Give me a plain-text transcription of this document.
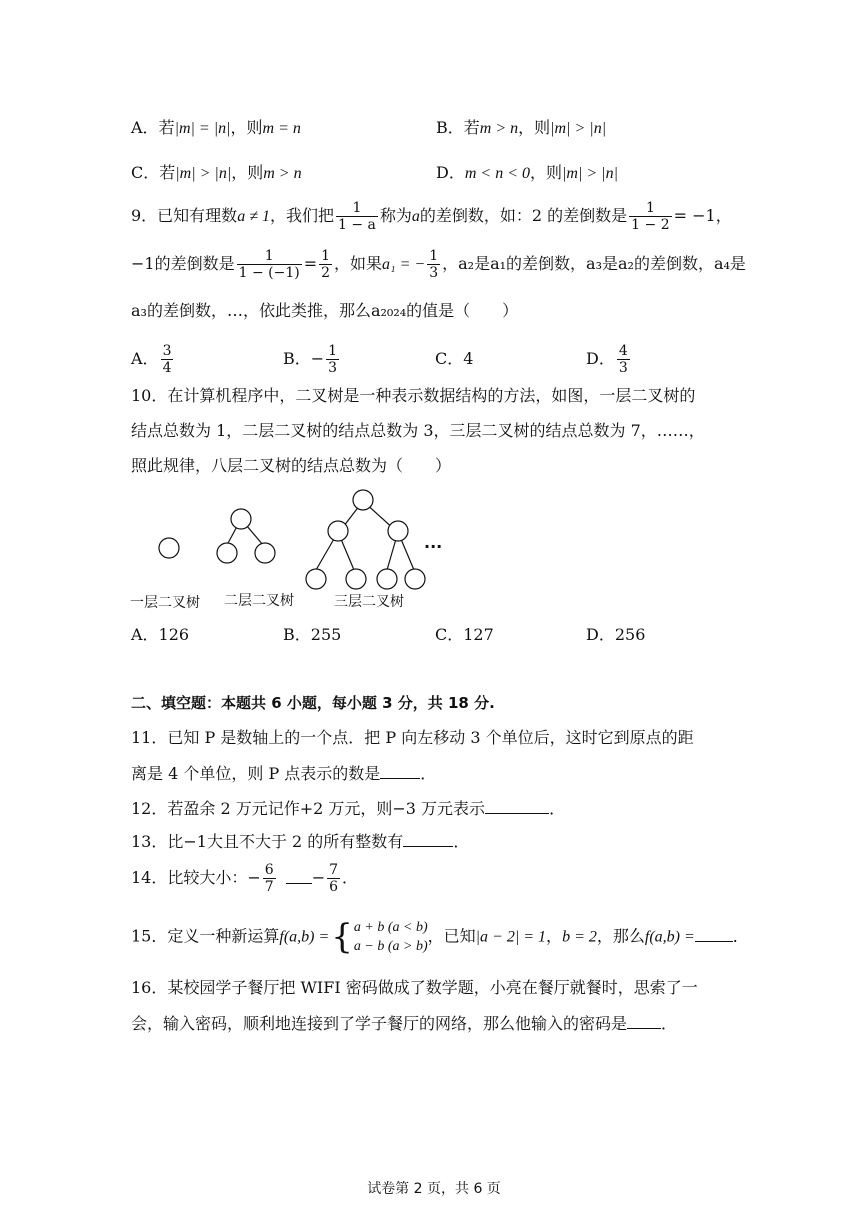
A．若|m| = |n|，则m = n	B．若m > n，则|m| > |n|
C．若|m| > |n|，则m > n	D．m < n < 0，则|m| > |n|
9．已知有理数a ≠ 1，我们把 $\frac{1}{1 - a}$ 称为a的差倒数，如：2 的差倒数是 $\frac{1}{1 - 2} = -1$，
−1的差倒数是 $\frac{1}{1 - (-1)} = \frac{1}{2}$ ，如果a₁ = − $\frac{1}{3}$ ，a₂是a₁的差倒数，a₃是a₂的差倒数，a₄是
a₃的差倒数，…，依此类推，那么a₂₀₂₄的值是（　　）
A． $\frac{3}{4}$	B．− $\frac{1}{3}$	C．4	D． $\frac{4}{3}$
10．在计算机程序中，二叉树是一种表示数据结构的方法，如图，一层二叉树的
结点总数为 1，二层二叉树的结点总数为 3，三层二叉树的结点总数为 7，……，
照此规律，八层二叉树的结点总数为（　　）
···
一层二叉树 二层二叉树	三层二叉树
A．126	B．255	C．127	D．256
二、填空题：本题共 6 小题，每小题 3 分，共 18 分.
11．已知 P 是数轴上的一个点．把 P 向左移动 3 个单位后，这时它到原点的距
离是 4 个单位，则 P 点表示的数是	．
12．若盈余 2 万元记作+2 万元，则−3 万元表示	．
13．比−1大且不大于 2 的所有整数有	．
14．比较大小：− $\frac{6}{7} - \frac{7}{6}$ ．
15．定义一种新运算f(a,b) ={ a + b (a < b)
a − b (a > b)
，已知|a − 2| = 1，b = 2，那么f(a,b) = ．
16．某校园学子餐厅把 WIFI 密码做成了数学题，小亮在餐厅就餐时，思索了一
会，输入密码，顺利地连接到了学子餐厅的网络，那么他输入的密码是 ．
试卷第 2 页，共 6 页
